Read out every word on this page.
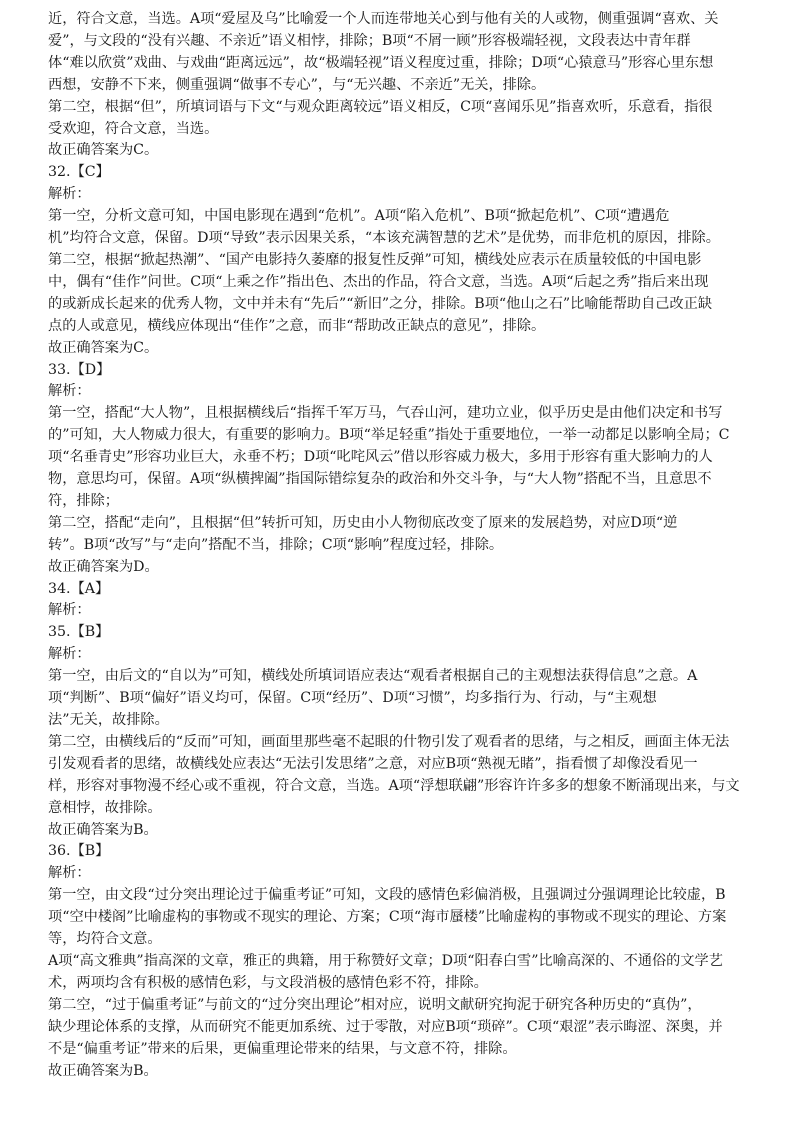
近，符合文意，当选。A项“爱屋及乌”比喻爱一个人而连带地关心到与他有关的人或物，侧重强调“喜欢、关

爱”，与文段的“没有兴趣、不亲近”语义相悖，排除；B项“不屑一顾”形容极端轻视，文段表达中青年群

体“难以欣赏”戏曲、与戏曲“距离远远”，故“极端轻视”语义程度过重，排除；D项“心猿意马”形容心里东想

西想，安静不下来，侧重强调“做事不专心”，与“无兴趣、不亲近”无关，排除。

第二空，根据“但”，所填词语与下文“与观众距离较远”语义相反，C项“喜闻乐见”指喜欢听，乐意看，指很

受欢迎，符合文意，当选。

故正确答案为C。

32.【C】

解析：

第一空，分析文意可知，中国电影现在遇到“危机”。A项“陷入危机”、B项“掀起危机”、C项“遭遇危

机”均符合文意，保留。D项“导致”表示因果关系，“本该充满智慧的艺术”是优势，而非危机的原因，排除。

第二空，根据“掀起热潮”、“国产电影持久萎靡的报复性反弹”可知，横线处应表示在质量较低的中国电影

中，偶有“佳作”问世。C项“上乘之作”指出色、杰出的作品，符合文意，当选。A项“后起之秀”指后来出现

的或新成长起来的优秀人物，文中并未有“先后”“新旧”之分，排除。B项“他山之石”比喻能帮助自己改正缺

点的人或意见，横线应体现出“佳作”之意，而非“帮助改正缺点的意见”，排除。

故正确答案为C。

33.【D】

解析：

第一空，搭配“大人物”，且根据横线后“指挥千军万马，气吞山河，建功立业，似乎历史是由他们决定和书写

的”可知，大人物威力很大，有重要的影响力。B项“举足轻重”指处于重要地位，一举一动都足以影响全局；C

项“名垂青史”形容功业巨大，永垂不朽；D项“叱咤风云”借以形容威力极大，多用于形容有重大影响力的人

物，意思均可，保留。A项“纵横捭阖”指国际错综复杂的政治和外交斗争，与“大人物”搭配不当，且意思不

符，排除；

第二空，搭配“走向”，且根据“但”转折可知，历史由小人物彻底改变了原来的发展趋势，对应D项“逆

转”。B项“改写”与“走向”搭配不当，排除；C项“影响”程度过轻，排除。

故正确答案为D。

34.【A】

解析：

35.【B】

解析：

第一空，由后文的“自以为”可知，横线处所填词语应表达“观看者根据自己的主观想法获得信息”之意。A

项“判断”、B项“偏好”语义均可，保留。C项“经历”、D项“习惯”，均多指行为、行动，与“主观想

法”无关，故排除。

第二空，由横线后的“反而”可知，画面里那些毫不起眼的什物引发了观看者的思绪，与之相反，画面主体无法

引发观看者的思绪，故横线处应表达“无法引发思绪”之意，对应B项“熟视无睹”，指看惯了却像没看见一

样，形容对事物漫不经心或不重视，符合文意，当选。A项“浮想联翩”形容许许多多的想象不断涌现出来，与文

意相悖，故排除。

故正确答案为B。

36.【B】

解析：

第一空，由文段“过分突出理论过于偏重考证”可知，文段的感情色彩偏消极，且强调过分强调理论比较虚，B

项“空中楼阁”比喻虚构的事物或不现实的理论、方案；C项“海市蜃楼”比喻虚构的事物或不现实的理论、方案

等，均符合文意。

A项“高文雅典”指高深的文章，雅正的典籍，用于称赞好文章；D项“阳春白雪”比喻高深的、不通俗的文学艺

术，两项均含有积极的感情色彩，与文段消极的感情色彩不符，排除。

第二空，“过于偏重考证”与前文的“过分突出理论”相对应，说明文献研究拘泥于研究各种历史的“真伪”，

缺少理论体系的支撑，从而研究不能更加系统、过于零散，对应B项“琐碎”。C项“艰涩”表示晦涩、深奥，并

不是“偏重考证”带来的后果，更偏重理论带来的结果，与文意不符，排除。

故正确答案为B。
